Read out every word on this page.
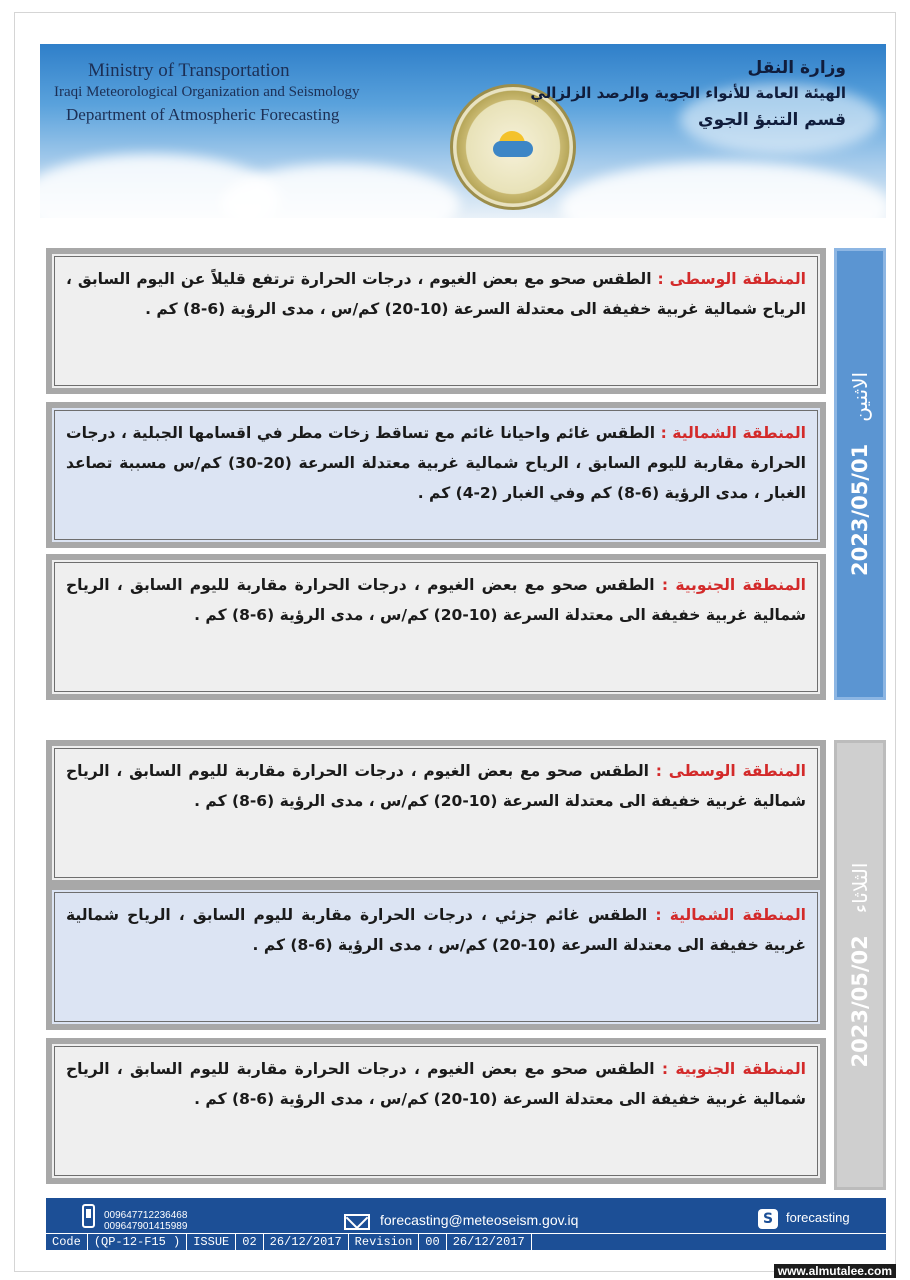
Ministry of Transportation
Iraqi Meteorological Organization and Seismology
Department of Atmospheric Forecasting
وزارة النقل
الهيئة العامة للأنواء الجوية والرصد الزلزالي
قسم التنبؤ الجوي
المنطقة الوسطى : الطقس صحو مع بعض الغيوم ، درجات الحرارة ترتفع قليلاً عن اليوم السابق ، الرياح شمالية غربية خفيفة الى معتدلة السرعة (10-20) كم/س ، مدى الرؤية (6-8) كم .
المنطقة الشمالية : الطقس غائم واحيانا غائم مع تساقط زخات مطر في اقسامها الجبلية ، درجات الحرارة مقاربة لليوم السابق ، الرياح شمالية غربية معتدلة السرعة (20-30) كم/س مسببة تصاعد الغبار ، مدى الرؤية (6-8) كم وفي الغبار (2-4) كم .
المنطقة الجنوبية : الطقس صحو مع بعض الغيوم ، درجات الحرارة مقاربة لليوم السابق ، الرياح شمالية غربية خفيفة الى معتدلة السرعة (10-20) كم/س ، مدى الرؤية (6-8) كم .
2023/05/01الاثنين
المنطقة الوسطى : الطقس صحو مع بعض الغيوم ، درجات الحرارة مقاربة لليوم السابق ، الرياح شمالية غربية خفيفة الى معتدلة السرعة (10-20) كم/س ، مدى الرؤية (6-8) كم .
المنطقة الشمالية : الطقس غائم جزئي ، درجات الحرارة مقاربة لليوم السابق ، الرياح شمالية غربية خفيفة الى معتدلة السرعة (10-20) كم/س ، مدى الرؤية (6-8) كم .
المنطقة الجنوبية : الطقس صحو مع بعض الغيوم ، درجات الحرارة مقاربة لليوم السابق ، الرياح شمالية غربية خفيفة الى معتدلة السرعة (10-20) كم/س ، مدى الرؤية (6-8) كم .
2023/05/02الثلاثاء
009647712236468
009647901415989	forecasting@meteoseism.gov.iq	S forecasting
Code	(QP-12-F15 )	ISSUE	02	26/12/2017	Revision	00	26/12/2017
www.almutalee.com
